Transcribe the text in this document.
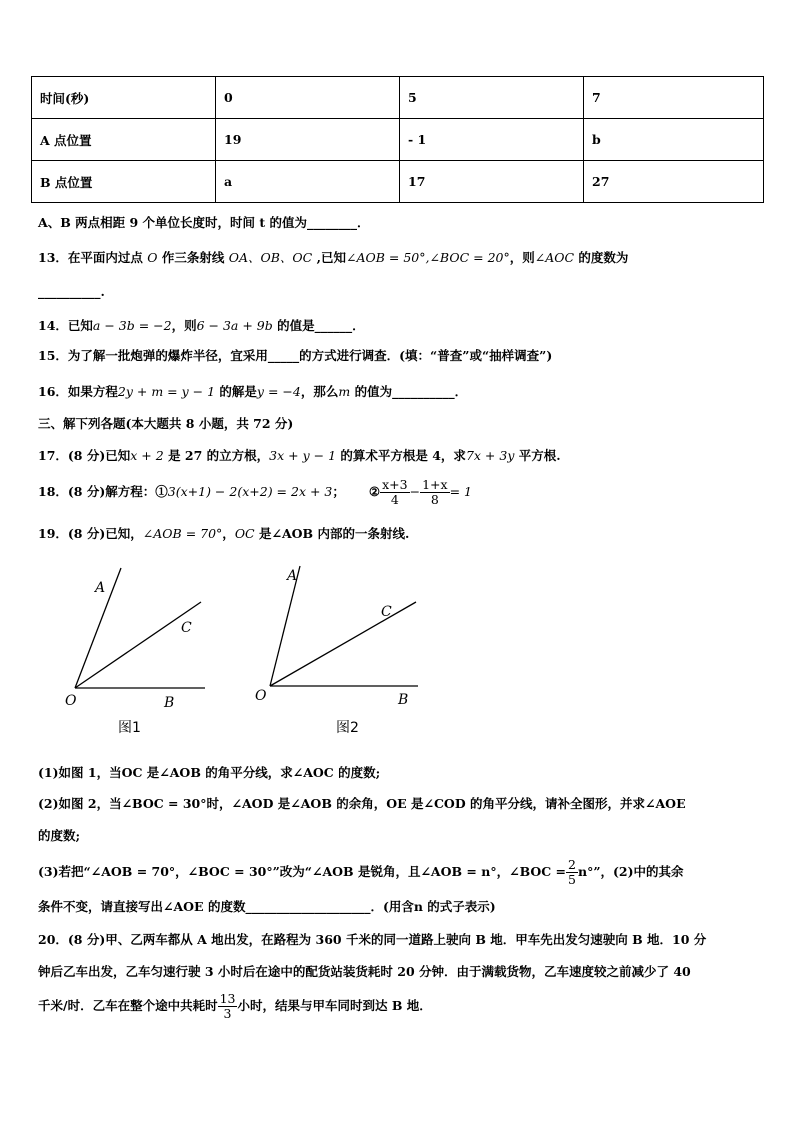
时间(秒)	0	5	7
A 点位置	19	- 1	b
B 点位置	a	17	27
A、B 两点相距 9 个单位长度时，时间 t 的值为________．
13．在平面内过点 O 作三条射线 OA、OB、OC ,已知∠AOB = 50°,∠BOC = 20°，则∠AOC 的度数为
__________.
14．已知a − 3b = −2，则6 − 3a + 9b 的值是______．
15．为了解一批炮弹的爆炸半径，宜采用_____的方式进行调查．(填：“普查”或“抽样调查”)
16．如果方程2y + m = y − 1 的解是y = −4，那么m 的值为__________．
三、解下列各题(本大题共 8 小题，共 72 分)
17．(8 分)已知x + 2 是 27 的立方根，3x + y − 1 的算术平方根是 4，求7x + 3y 平方根.
18．(8 分)解方程：①3(x+1) − 2(x+2) = 2x + 3； ② $\frac{x+3}{4} - \frac{1+x}{8} = 1$
19．(8 分)已知，∠AOB = 70°，OC 是∠AOB 内部的一条射线.
A
C
O	B
图1
A
C
O	B
图2
(1)如图 1，当OC 是∠AOB 的角平分线，求∠AOC 的度数;
(2)如图 2，当∠BOC = 30°时，∠AOD 是∠AOB 的余角，OE 是∠COD 的角平分线，请补全图形，并求∠AOE
的度数;
(3)若把“∠AOB = 70°，∠BOC = 30°”改为“∠AOB 是锐角，且∠AOB = n°，∠BOC = $\frac{2}{5} n^\circ$”，(2)中的其余
条件不变，请直接写出∠AOE 的度数____________________．(用含n 的式子表示)
20．(8 分)甲、乙两车都从 A 地出发，在路程为 360 千米的同一道路上驶向 B 地．甲车先出发匀速驶向 B 地．10 分
钟后乙车出发，乙车匀速行驶 3 小时后在途中的配货站装货耗时 20 分钟．由于满载货物，乙车速度较之前减少了 40
千米/时．乙车在整个途中共耗时 $\frac{13}{3}$ 小时，结果与甲车同时到达 B 地．
